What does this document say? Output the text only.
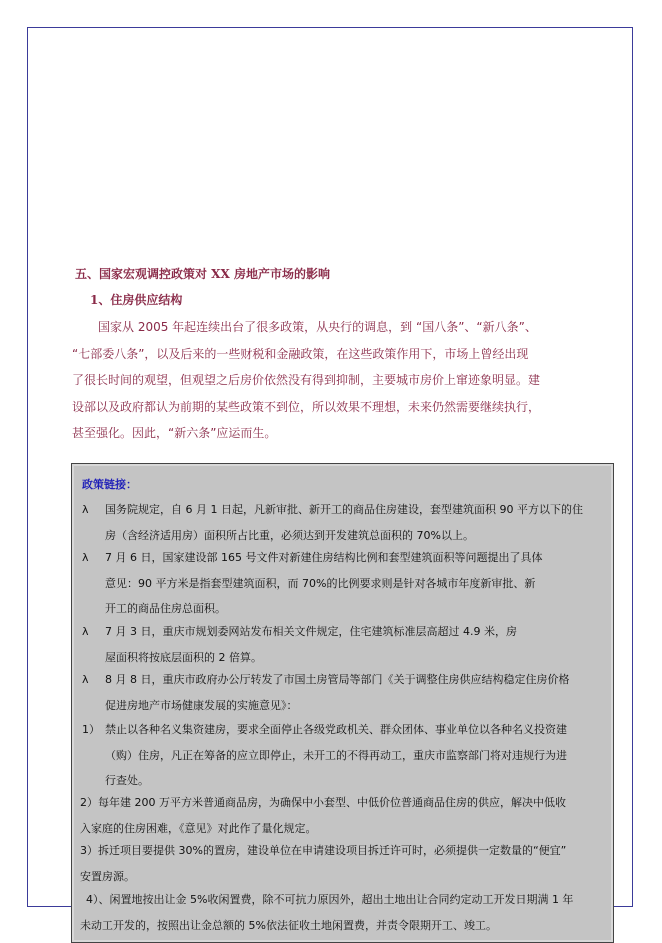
五、国家宏观调控政策对 XX 房地产市场的影响
1、住房供应结构
国家从 2005 年起连续出台了很多政策，从央行的调息，到 “国八条”、“新八条”、
“七部委八条”，以及后来的一些财税和金融政策，在这些政策作用下，市场上曾经出现
了很长时间的观望，但观望之后房价依然没有得到抑制，主要城市房价上窜迹象明显。建
设部以及政府都认为前期的某些政策不到位，所以效果不理想，未来仍然需要继续执行，
甚至强化。因此，“新六条”应运而生。
政策链接：
λ 国务院规定，自 6 月 1 日起，凡新审批、新开工的商品住房建设，套型建筑面积 90 平方以下的住
房（含经济适用房）面积所占比重，必须达到开发建筑总面积的 70%以上。
λ 7 月 6 日，国家建设部 165 号文件对新建住房结构比例和套型建筑面积等问题提出了具体
意见：90 平方米是指套型建筑面积，而 70%的比例要求则是针对各城市年度新审批、新
开工的商品住房总面积。
λ 7 月 3 日，重庆市规划委网站发布相关文件规定，住宅建筑标准层高超过 4.9 米，房
屋面积将按底层面积的 2 倍算。
λ 8 月 8 日，重庆市政府办公厅转发了市国土房管局等部门《关于调整住房供应结构稳定住房价格
促进房地产市场健康发展的实施意见》：
1） 禁止以各种名义集资建房，要求全面停止各级党政机关、群众团体、事业单位以各种名义投资建
（购）住房，凡正在筹备的应立即停止，未开工的不得再动工，重庆市监察部门将对违规行为进
行查处。
2）每年建 200 万平方米普通商品房，为确保中小套型、中低价位普通商品住房的供应，解决中低收
入家庭的住房困难，《意见》对此作了量化规定。
3）拆迁项目要提供 30%的置房，建设单位在申请建设项目拆迁许可时，必须提供一定数量的“便宜”
安置房源。
4）、闲置地按出让金 5%收闲置费，除不可抗力原因外，超出土地出让合同约定动工开发日期满 1 年
未动工开发的，按照出让金总额的 5%依法征收土地闲置费，并责令限期开工、竣工。
